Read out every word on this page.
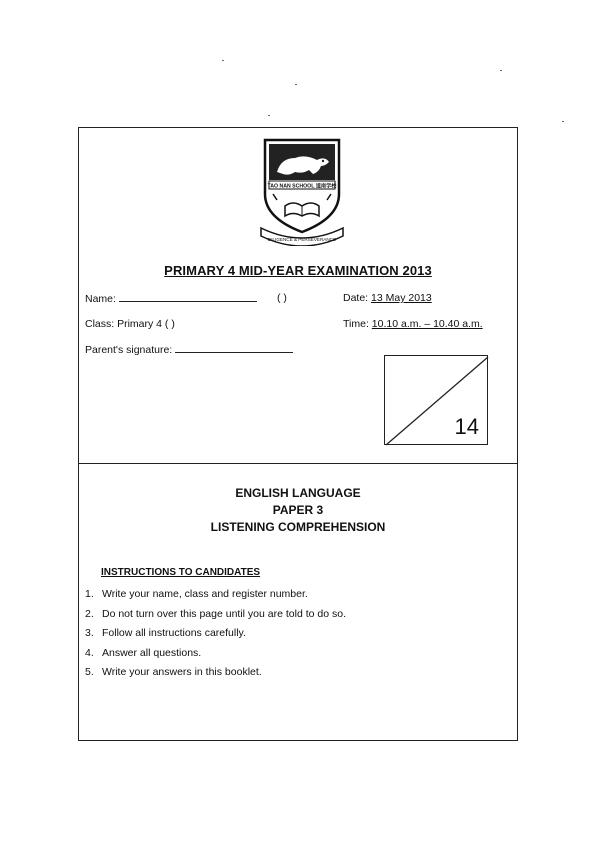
TAO NAN SCHOOL 道南学校
DILIGENCE & PERSEVERANCE
PRIMARY 4 MID-YEAR EXAMINATION 2013
Name:	( )	Date: 13 May 2013
Class: Primary 4 ( )	Time: 10.10 a.m. – 10.40 a.m.
Parent's signature:
14
ENGLISH LANGUAGE
PAPER 3
LISTENING COMPREHENSION
INSTRUCTIONS TO CANDIDATES
1. Write your name, class and register number.
2. Do not turn over this page until you are told to do so.
3. Follow all instructions carefully.
4. Answer all questions.
5. Write your answers in this booklet.
